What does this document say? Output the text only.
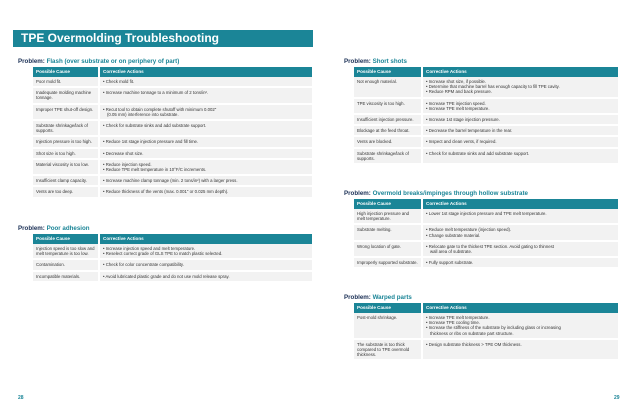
TPE Overmolding Troubleshooting
Problem: Flash (over substrate or on periphery of part)
Possible Cause	Corrective Actions
Poor mold fit.	• Check mold fit.

Inadequate molding machine tonnage.	• Increase machine tonnage to a minimum of 2 tons/in².

Improper TPE shut-off design.	• Recut tool to obtain complete shutoff with minimum 0.002"
(0.05 mm) interference into substrate.

Substrate shrinkage/lack of supports.	• Check for substrate sinks and add substrate support.

Injection pressure is too high.	• Reduce 1st stage injection pressure and fill time.

Shot size is too high.	• Decrease shot size.

Material viscosity is too low.	• Reduce injection speed.
• Reduce TPE melt temperature in 10°F/C increments.

Insufficient clamp capacity.	• Increase machine clamp tonnage (min. 2 tons/in²) with a larger press.

Vents are too deep.	• Reduce thickness of the vents (max. 0.001" or 0.025 mm depth).
Problem: Poor adhesion
Possible Cause	Corrective Actions
Injection speed is too slow and melt temperature is too low.	• Increase injection speed and melt temperature.
• Reselect correct grade of GLS TPE to match plastic selected.

Contamination.	• Check for color concentrate compatibility.

Incompatible materials.	• Avoid lubricated plastic grade and do not use mold release spray.
Problem: Short shots
Possible Cause	Corrective Actions
Not enough material.	• Increase shot size, if possible.
• Determine that machine barrel has enough capacity to fill TPE cavity.
• Reduce RPM and back pressure.

TPE viscosity is too high.	• Increase TPE injection speed.
• Increase TPE melt temperature.

Insufficient injection pressure.	• Increase 1st stage injection pressure.

Blockage at the feed throat.	• Decrease the barrel temperature in the rear.

Vents are blocked.	• Inspect and clean vents, if required.

Substrate shrinkage/lack of supports.	• Check for substrate sinks and add substrate support.
Problem: Overmold breaks/impinges through hollow substrate
Possible Cause	Corrective Actions
High injection pressure and melt temperature.	• Lower 1st stage injection pressure and TPE melt temperature.

Substrate melting.	• Reduce melt temperature (injection speed).
• Change substrate material.

Wrong location of gate.	• Relocate gate to the thickest TPE section. Avoid gating to thinnest
wall area of substrate.

Improperly supported substrate.	• Fully support substrate.
Problem: Warped parts
Possible Cause	Corrective Actions
Post-mold shrinkage.	• Increase TPE melt temperature.
• Increase TPE cooling time.
• Increase the stiffness of the substrate by including glass or increasing
thickness or ribs on substrate part structure.

The substrate is too thick compared to TPE overmold thickness.	• Design substrate thickness > TPE OM thickness.
28	29
